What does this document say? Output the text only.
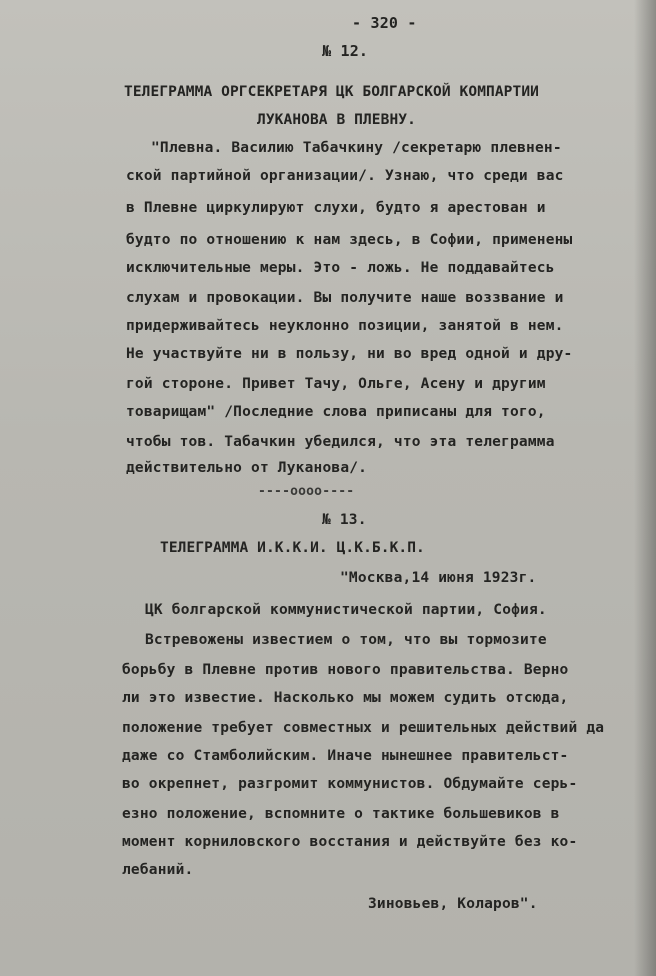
- 320 -
№ 12.
ТЕЛЕГРАММА ОРГСЕКРЕТАРЯ ЦК БОЛГАРСКОЙ КОМПАРТИИ
ЛУКАНОВА В ПЛЕВНУ.
"Плевна. Василию Табачкину /секретарю плевнен-
ской партийной организации/. Узнаю, что среди вас
в Плевне циркулируют слухи, будто я арестован и
будто по отношению к нам здесь, в Софии, применены
исключительные меры. Это - ложь. Не поддавайтесь
слухам и провокации. Вы получите наше воззвание и
придерживайтесь неуклонно позиции, занятой в нем.
Не участвуйте ни в пользу, ни во вред одной и дру-
гой стороне. Привет Тачу, Ольге, Асену и другим
товарищам" /Последние слова приписаны для того,
чтобы тов. Табачкин убедился, что эта телеграмма
действительно от Луканова/.
----oooo----
№ 13.
ТЕЛЕГРАММА И.К.К.И. Ц.К.Б.К.П.
"Москва,14 июня 1923г.
ЦК болгарской коммунистической партии, София.
Встревожены известием о том, что вы тормозите
борьбу в Плевне против нового правительства. Верно
ли это известие. Насколько мы можем судить отсюда,
положение требует совместных и решительных действий да
даже со Стамболийским. Иначе нынешнее правительст-
во окрепнет, разгромит коммунистов. Обдумайте серь-
езно положение, вспомните о тактике большевиков в
момент корниловского восстания и действуйте без ко-
лебаний.
Зиновьев, Коларов".
